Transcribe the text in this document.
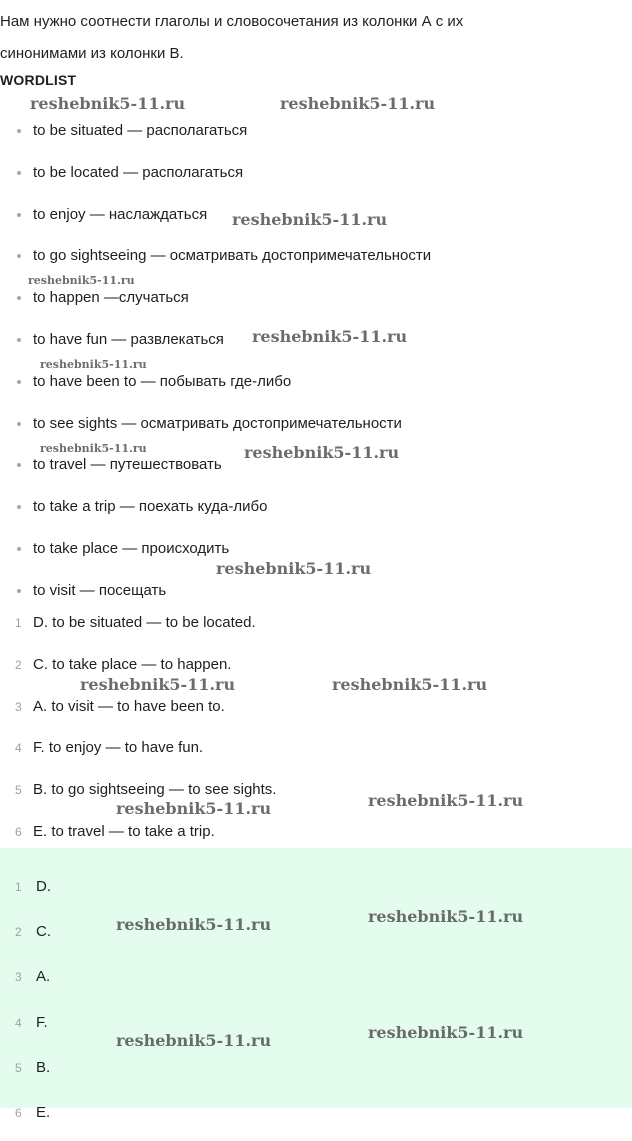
Нам нужно соотнести глаголы и словосочетания из колонки А с их
синонимами из колонки В.
WORDLIST
to be situated — располагаться
to be located — располагаться
to enjoy — наслаждаться
to go sightseeing — осматривать достопримечательности
to happen —случаться
to have fun — развлекаться
to have been to — побывать где-либо
to see sights — осматривать достопримечательности
to travel — путешествовать
to take a trip — поехать куда-либо
to take place — происходить
to visit — посещать
1 D. to be situated — to be located.
2 C. to take place — to happen.
3 A. to visit — to have been to.
4 F. to enjoy — to have fun.
5 B. to go sightseeing — to see sights.
6 E. to travel — to take a trip.
1 D.
2 C.
3 A.
4 F.
5 B.
6 E.
reshebnik5-11.ru	reshebnik5-11.ru
reshebnik5-11.ru
reshebnik5-11.ru
reshebnik5-11.ru
reshebnik5-11.ru
reshebnik5-11.ru	reshebnik5-11.ru
reshebnik5-11.ru
reshebnik5-11.ru	reshebnik5-11.ru
reshebnik5-11.ru
reshebnik5-11.ru
reshebnik5-11.ru
reshebnik5-11.ru
reshebnik5-11.ru
reshebnik5-11.ru
